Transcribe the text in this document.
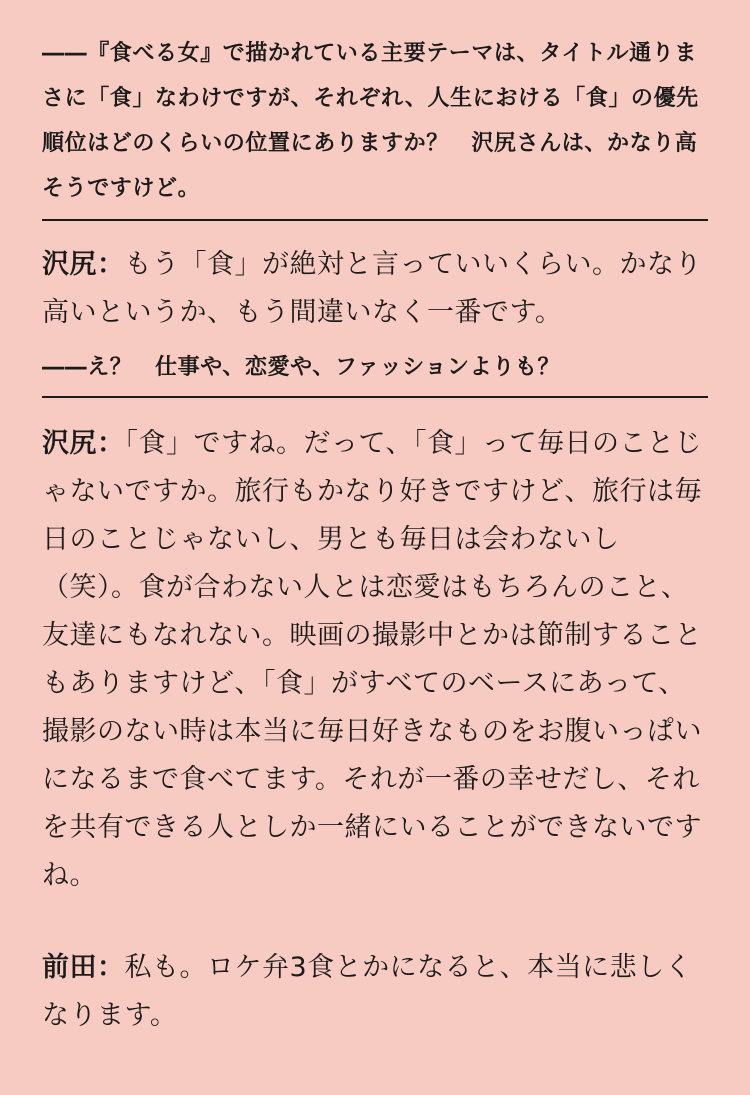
――『食べる女』で描かれている主要テーマは、タイトル通りまさに「食」なわけですが、それぞれ、人生における「食」の優先順位はどのくらいの位置にありますか？　沢尻さんは、かなり高そうですけど。

沢尻：もう「食」が絶対と言っていいくらい。かなり高いというか、もう間違いなく一番です。

――え？　仕事や、恋愛や、ファッションよりも？

沢尻：「食」ですね。だって、「食」って毎日のことじゃないですか。旅行もかなり好きですけど、旅行は毎日のことじゃないし、男とも毎日は会わないし（笑）。食が合わない人とは恋愛はもちろんのこと、友達にもなれない。映画の撮影中とかは節制することもありますけど、「食」がすべてのベースにあって、撮影のない時は本当に毎日好きなものをお腹いっぱいになるまで食べてます。それが一番の幸せだし、それを共有できる人としか一緒にいることができないですね。

前田：私も。ロケ弁3食とかになると、本当に悲しくなります。
